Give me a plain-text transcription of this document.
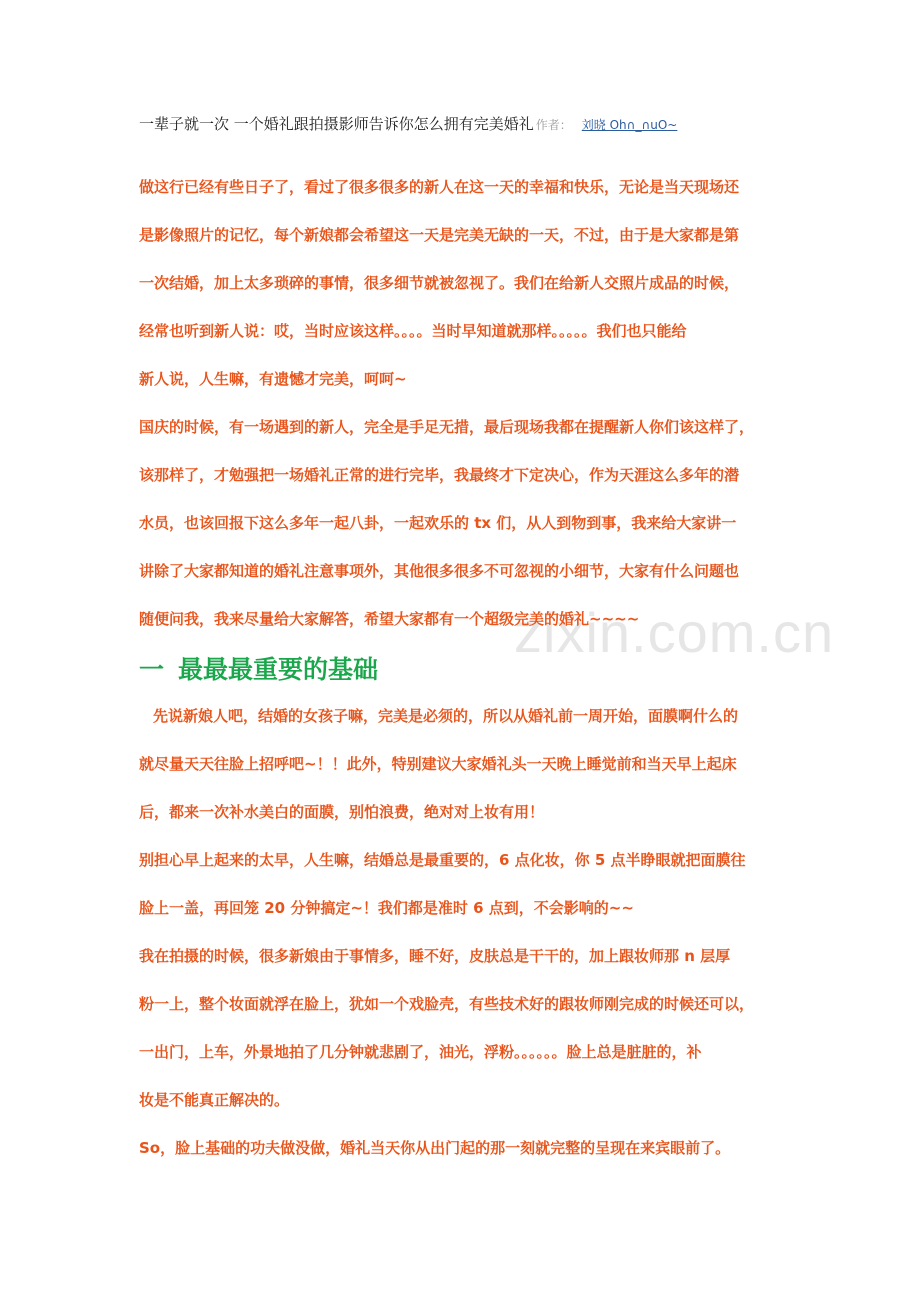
zixin.com.cn
一辈子就一次 一个婚礼跟拍摄影师告诉你怎么拥有完美婚礼 作者： 刘晓 Oh∩_∩uO~
做这行已经有些日子了，看过了很多很多的新人在这一天的幸福和快乐，无论是当天现场还
是影像照片的记忆，每个新娘都会希望这一天是完美无缺的一天，不过，由于是大家都是第
一次结婚，加上太多琐碎的事情，很多细节就被忽视了。我们在给新人交照片成品的时候，
经常也听到新人说：哎，当时应该这样。。。。当时早知道就那样。。。。。我们也只能给
新人说，人生嘛，有遗憾才完美，呵呵~
国庆的时候，有一场遇到的新人，完全是手足无措，最后现场我都在提醒新人你们该这样了，
该那样了，才勉强把一场婚礼正常的进行完毕，我最终才下定决心，作为天涯这么多年的潜
水员，也该回报下这么多年一起八卦，一起欢乐的 tx 们，从人到物到事，我来给大家讲一
讲除了大家都知道的婚礼注意事项外，其他很多很多不可忽视的小细节，大家有什么问题也
随便问我，我来尽量给大家解答，希望大家都有一个超级完美的婚礼~~~~
一 最最最重要的基础
先说新娘人吧，结婚的女孩子嘛，完美是必须的，所以从婚礼前一周开始，面膜啊什么的
就尽量天天往脸上招呼吧~！！此外，特别建议大家婚礼头一天晚上睡觉前和当天早上起床
后，都来一次补水美白的面膜，别怕浪费，绝对对上妆有用！
别担心早上起来的太早，人生嘛，结婚总是最重要的，6 点化妆，你 5 点半睁眼就把面膜往
脸上一盖，再回笼 20 分钟搞定~！我们都是准时 6 点到，不会影响的~~
我在拍摄的时候，很多新娘由于事情多，睡不好，皮肤总是干干的，加上跟妆师那 n 层厚
粉一上，整个妆面就浮在脸上，犹如一个戏脸壳，有些技术好的跟妆师刚完成的时候还可以，
一出门，上车，外景地拍了几分钟就悲剧了，油光，浮粉。。。。。。脸上总是脏脏的，补
妆是不能真正解决的。
So，脸上基础的功夫做没做，婚礼当天你从出门起的那一刻就完整的呈现在来宾眼前了。
